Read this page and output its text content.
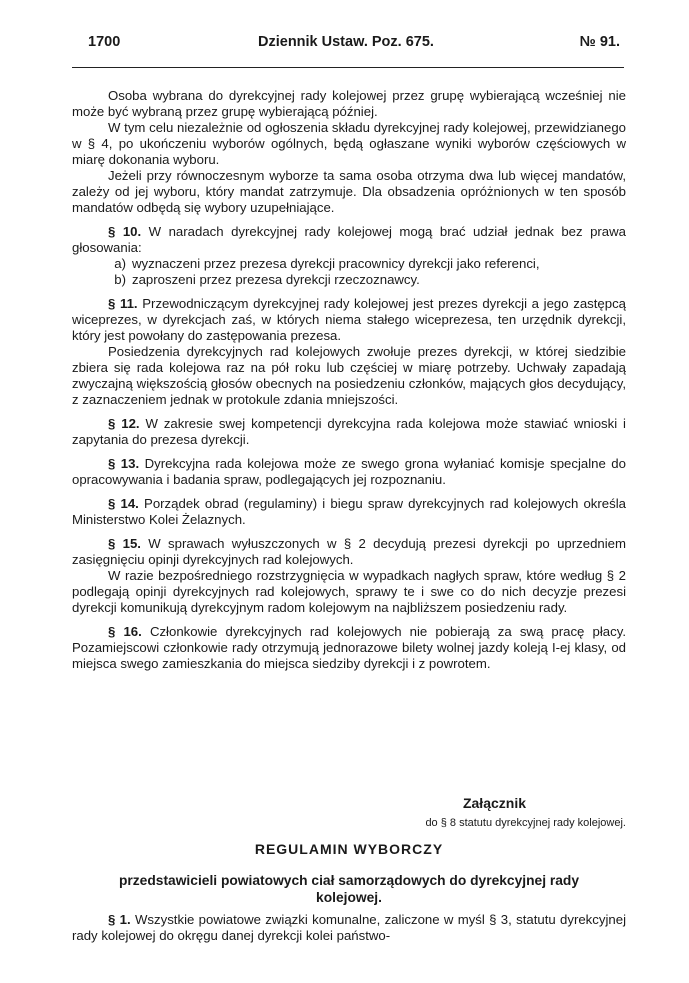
1700	Dziennik Ustaw. Poz. 675.	№ 91.

Osoba wybrana do dyrekcyjnej rady kolejowej przez grupę wybierającą wcześniej nie może być wybraną przez grupę wybierającą później.

W tym celu niezależnie od ogłoszenia składu dyrekcyjnej rady kolejowej, przewidzianego w § 4, po ukończeniu wyborów ogólnych, będą ogłaszane wyniki wyborów częściowych w miarę dokonania wyboru.

Jeżeli przy równoczesnym wyborze ta sama osoba otrzyma dwa lub więcej mandatów, zależy od jej wyboru, który mandat zatrzymuje. Dla obsadzenia opróżnionych w ten sposób mandatów odbędą się wybory uzupełniające.

§ 10. W naradach dyrekcyjnej rady kolejowej mogą brać udział jednak bez prawa głosowania:

a) wyznaczeni przez prezesa dyrekcji pracownicy dyrekcji jako referenci,
b) zaproszeni przez prezesa dyrekcji rzeczoznawcy.

§ 11. Przewodniczącym dyrekcyjnej rady kolejowej jest prezes dyrekcji a jego zastępcą wiceprezes, w dyrekcjach zaś, w których niema stałego wiceprezesa, ten urzędnik dyrekcji, który jest powołany do zastępowania prezesa.

Posiedzenia dyrekcyjnych rad kolejowych zwołuje prezes dyrekcji, w której siedzibie zbiera się rada kolejowa raz na pół roku lub częściej w miarę potrzeby. Uchwały zapadają zwyczajną większością głosów obecnych na posiedzeniu członków, mających głos decydujący, z zaznaczeniem jednak w protokule zdania mniejszości.

§ 12. W zakresie swej kompetencji dyrekcyjna rada kolejowa może stawiać wnioski i zapytania do prezesa dyrekcji.

§ 13. Dyrekcyjna rada kolejowa może ze swego grona wyłaniać komisje specjalne do opracowywania i badania spraw, podlegających jej rozpoznaniu.

§ 14. Porządek obrad (regulaminy) i biegu spraw dyrekcyjnych rad kolejowych określa Ministerstwo Kolei Żelaznych.

§ 15. W sprawach wyłuszczonych w § 2 decydują prezesi dyrekcji po uprzedniem zasięgnięciu opinji dyrekcyjnych rad kolejowych.

W razie bezpośredniego rozstrzygnięcia w wypadkach nagłych spraw, które według § 2 podlegają opinji dyrekcyjnych rad kolejowych, sprawy te i swe co do nich decyzje prezesi dyrekcji komunikują dyrekcyjnym radom kolejowym na najbliższem posiedzeniu rady.

§ 16. Członkowie dyrekcyjnych rad kolejowych nie pobierają za swą pracę płacy. Pozamiejscowi członkowie rady otrzymują jednorazowe bilety wolnej jazdy koleją I-ej klasy, od miejsca swego zamieszkania do miejsca siedziby dyrekcji i z powrotem.

Załącznik
do § 8 statutu dyrekcyjnej rady kolejowej.
REGULAMIN WYBORCZY
przedstawicieli powiatowych ciał samorządowych do dyrekcyjnej rady kolejowej.

§ 1. Wszystkie powiatowe związki komunalne, zaliczone w myśl § 3, statutu dyrekcyjnej rady kolejowej do okręgu danej dyrekcji kolei państwo-
